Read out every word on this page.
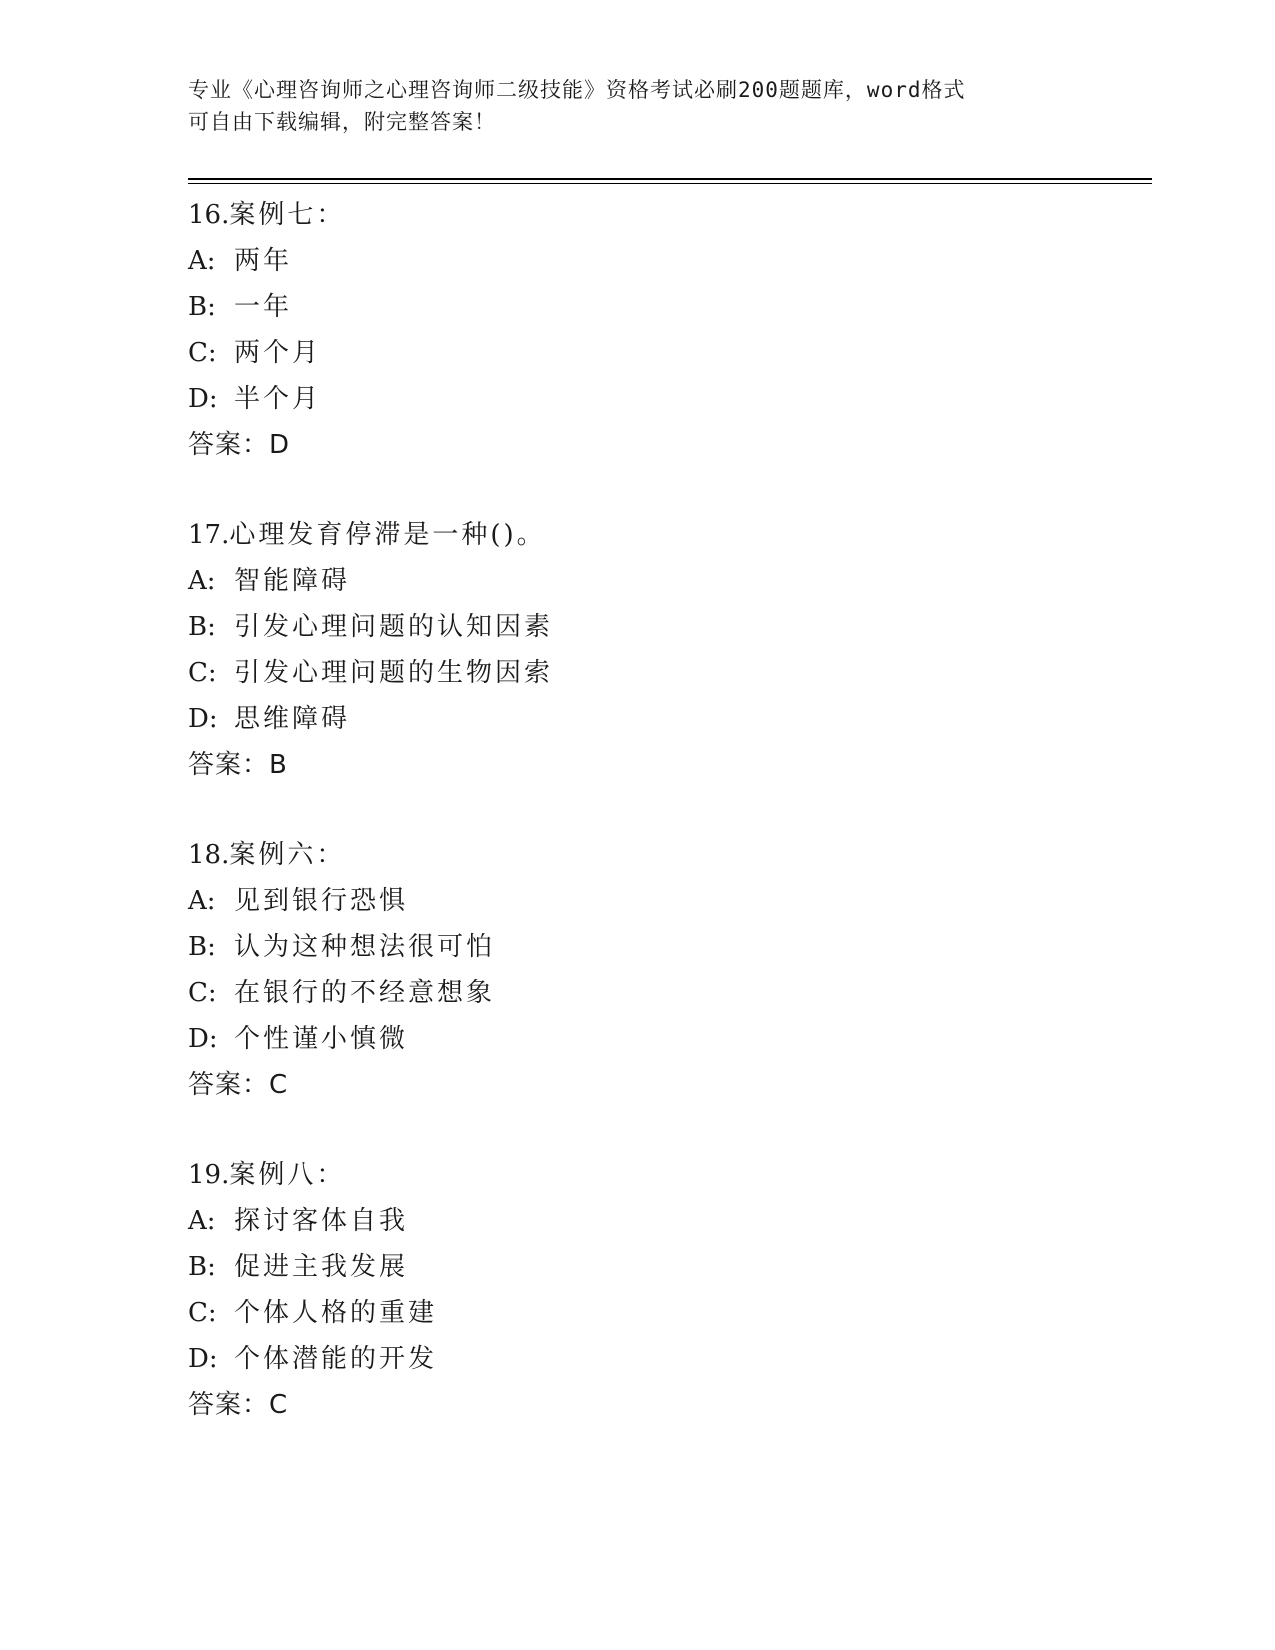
专业《心理咨询师之心理咨询师二级技能》资格考试必刷200题题库，word格式
可自由下载编辑，附完整答案！
16.案例七：
A: 两年
B: 一年
C: 两个月
D: 半个月
答案：D
17.心理发育停滞是一种()。
A: 智能障碍
B: 引发心理问题的认知因素
C: 引发心理问题的生物因索
D: 思维障碍
答案：B
18.案例六：
A: 见到银行恐惧
B: 认为这种想法很可怕
C: 在银行的不经意想象
D: 个性谨小慎微
答案：C
19.案例八：
A: 探讨客体自我
B: 促进主我发展
C: 个体人格的重建
D: 个体潜能的开发
答案：C
